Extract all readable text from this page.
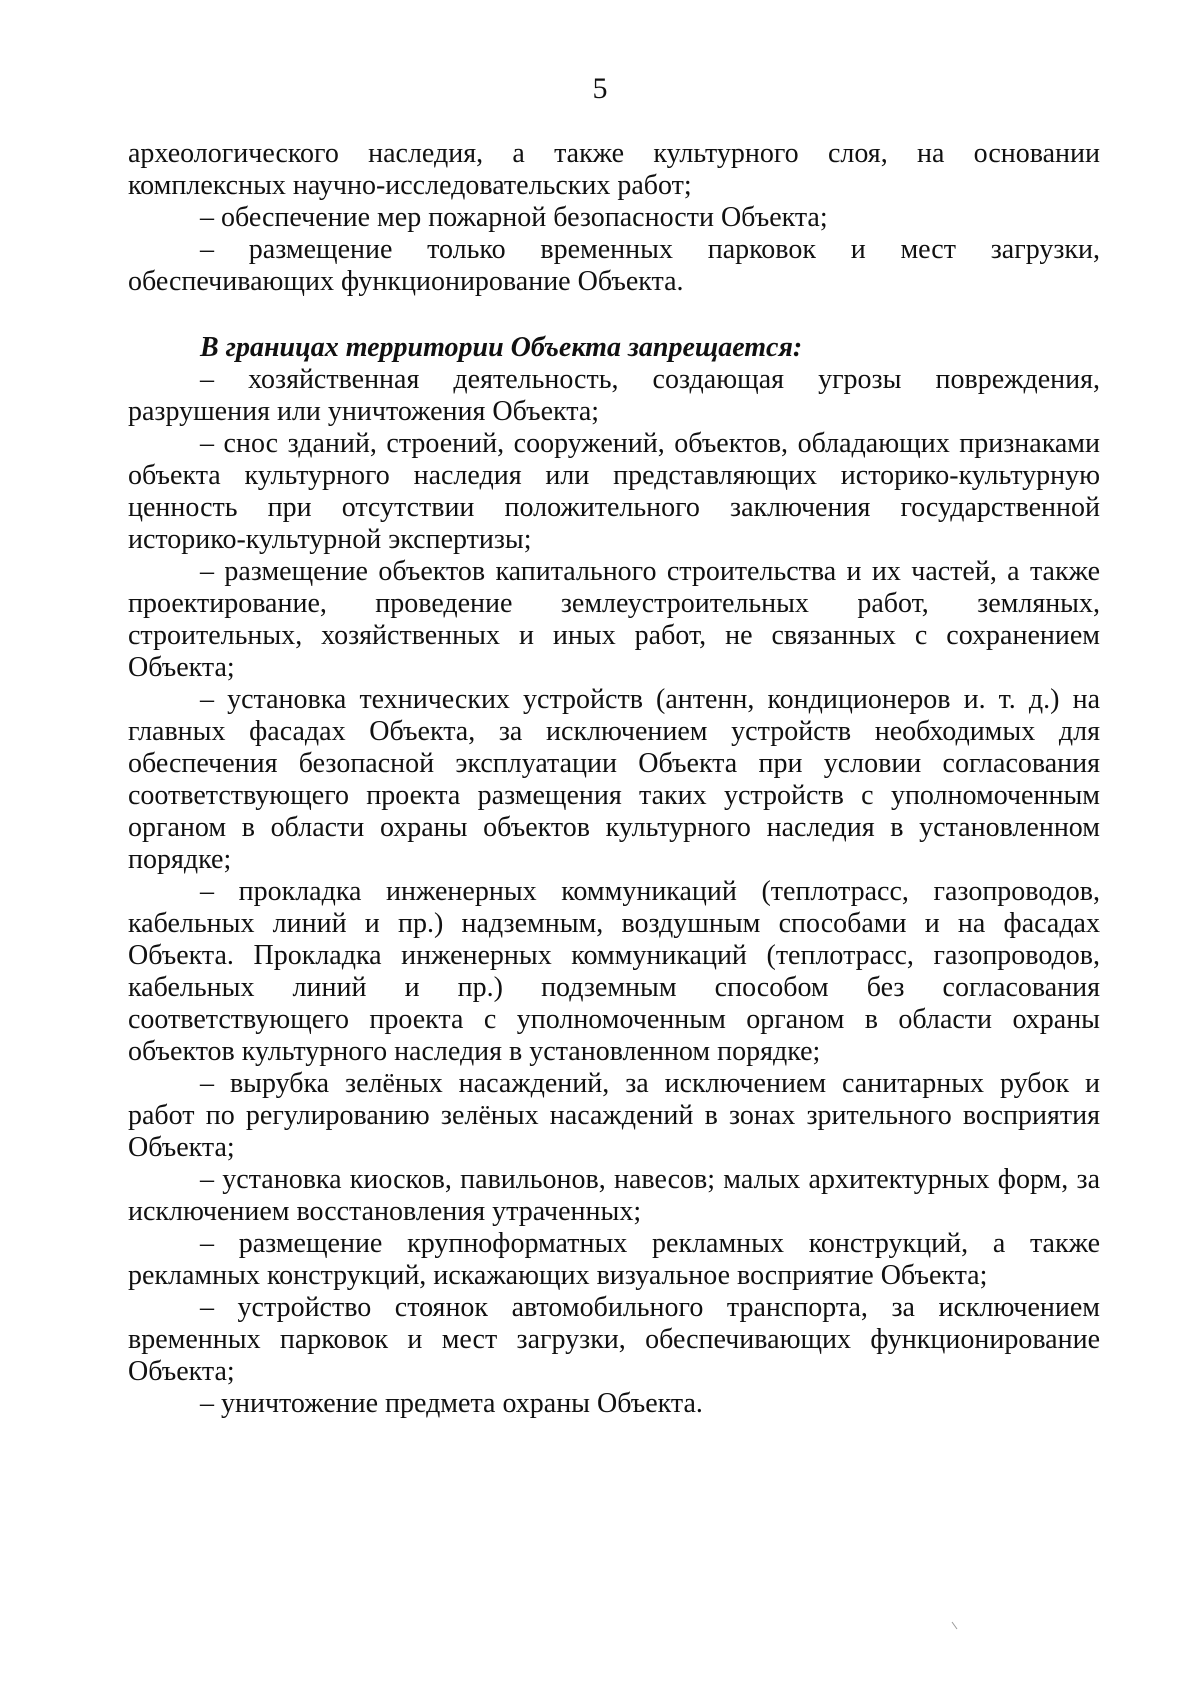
5

археологического наследия, а также культурного слоя, на основании комплексных научно-исследовательских работ;

– обеспечение мер пожарной безопасности Объекта;

– размещение только временных парковок и мест загрузки, обеспечивающих функционирование Объекта.

В границах территории Объекта запрещается:

– хозяйственная деятельность, создающая угрозы повреждения, разрушения или уничтожения Объекта;

– снос зданий, строений, сооружений, объектов, обладающих признаками объекта культурного наследия или представляющих историко-культурную ценность при отсутствии положительного заключения государственной историко-культурной экспертизы;

– размещение объектов капитального строительства и их частей, а также проектирование, проведение землеустроительных работ, земляных, строительных, хозяйственных и иных работ, не связанных с сохранением Объекта;

– установка технических устройств (антенн, кондиционеров и. т. д.) на главных фасадах Объекта, за исключением устройств необходимых для обеспечения безопасной эксплуатации Объекта при условии согласования соответствующего проекта размещения таких устройств с уполномоченным органом в области охраны объектов культурного наследия в установленном порядке;

– прокладка инженерных коммуникаций (теплотрасс, газопроводов, кабельных линий и пр.) надземным, воздушным способами и на фасадах Объекта. Прокладка инженерных коммуникаций (теплотрасс, газопроводов, кабельных линий и пр.) подземным способом без согласования соответствующего проекта с уполномоченным органом в области охраны объектов культурного наследия в установленном порядке;

– вырубка зелёных насаждений, за исключением санитарных рубок и работ по регулированию зелёных насаждений в зонах зрительного восприятия Объекта;

– установка киосков, павильонов, навесов; малых архитектурных форм, за исключением восстановления утраченных;

– размещение крупноформатных рекламных конструкций, а также рекламных конструкций, искажающих визуальное восприятие Объекта;

– устройство стоянок автомобильного транспорта, за исключением временных парковок и мест загрузки, обеспечивающих функционирование Объекта;

– уничтожение предмета охраны Объекта.
